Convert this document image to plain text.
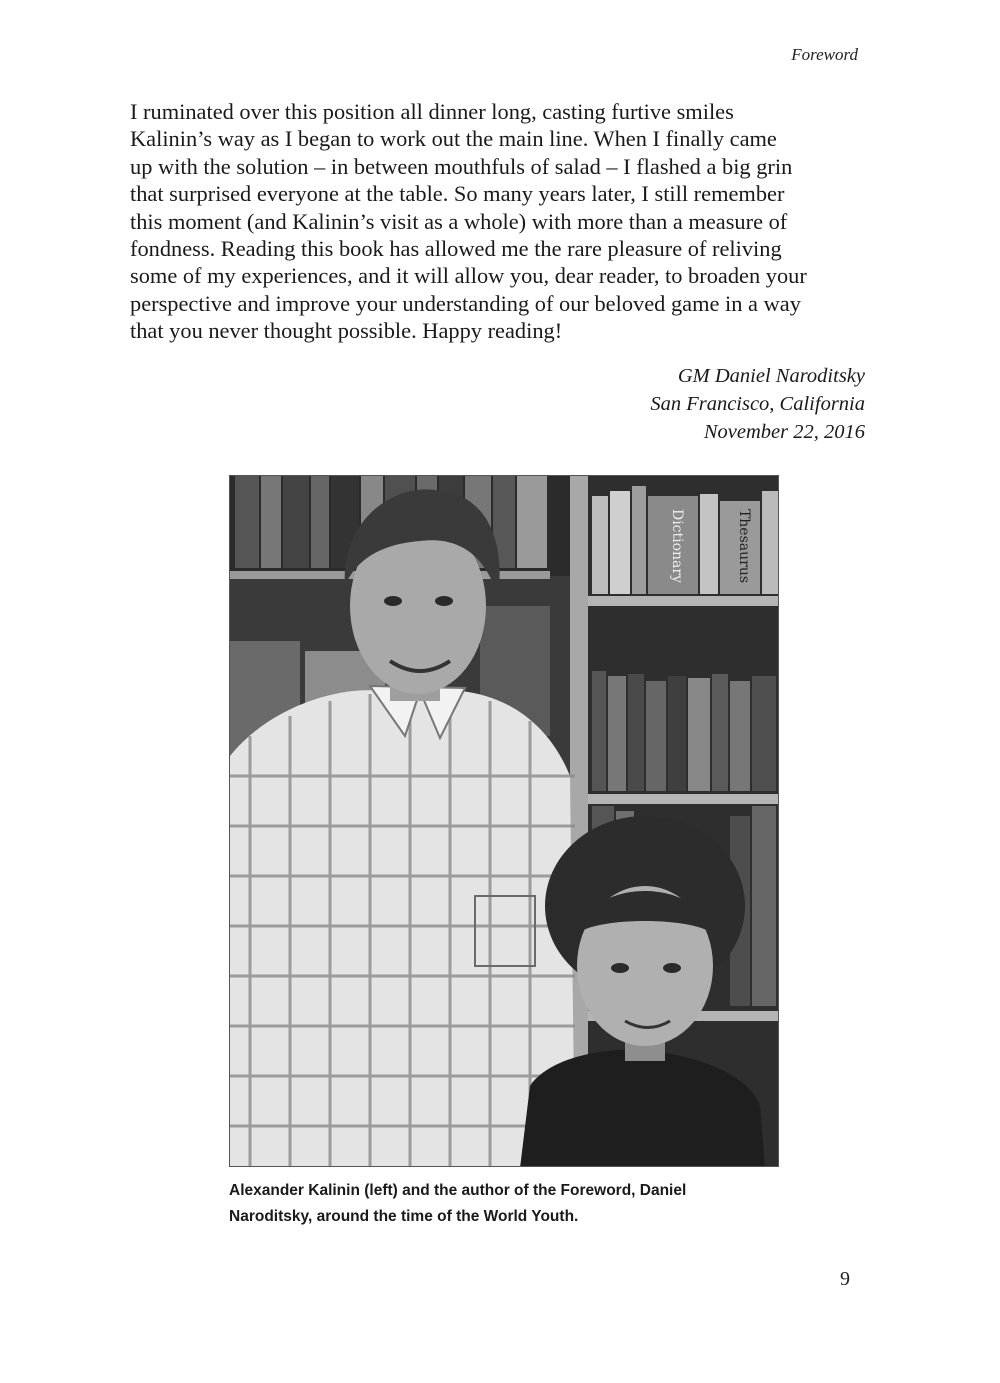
Foreword
I ruminated over this position all dinner long, casting furtive smiles
Kalinin’s way as I began to work out the main line. When I finally came
up with the solution – in between mouthfuls of salad – I flashed a big grin
that surprised everyone at the table. So many years later, I still remember
this moment (and Kalinin’s visit as a whole) with more than a measure of
fondness. Reading this book has allowed me the rare pleasure of reliving
some of my experiences, and it will allow you, dear reader, to broaden your
perspective and improve your understanding of our beloved game in a way
that you never thought possible. Happy reading!
GM Daniel Naroditsky
San Francisco, California
November 22, 2016
Dictionary	Thesaurus
Alexander Kalinin (left) and the author of the Foreword, Daniel
Naroditsky, around the time of the World Youth.
9
